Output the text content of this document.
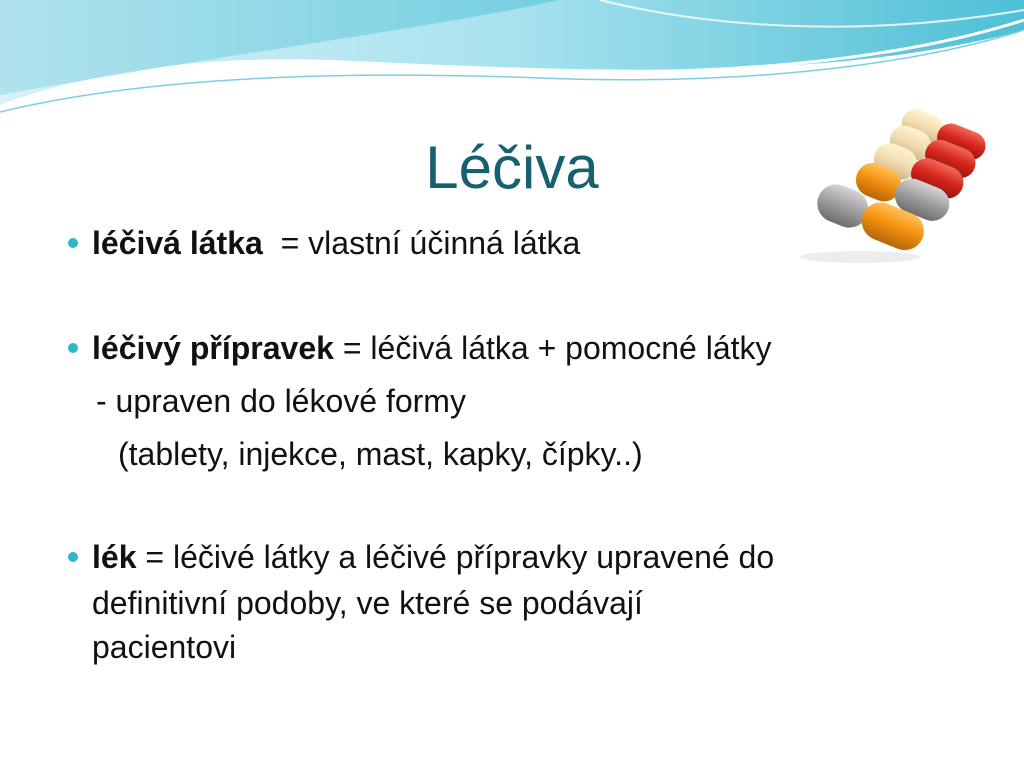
Léčiva
léčivá látka  = vlastní účinná látka
léčivý přípravek = léčivá látka + pomocné látky
- upraven do lékové formy
(tablety, injekce, mast, kapky, čípky..)
lék = léčivé látky a léčivé přípravky upravené do
definitivní podoby, ve které se podávají
pacientovi
